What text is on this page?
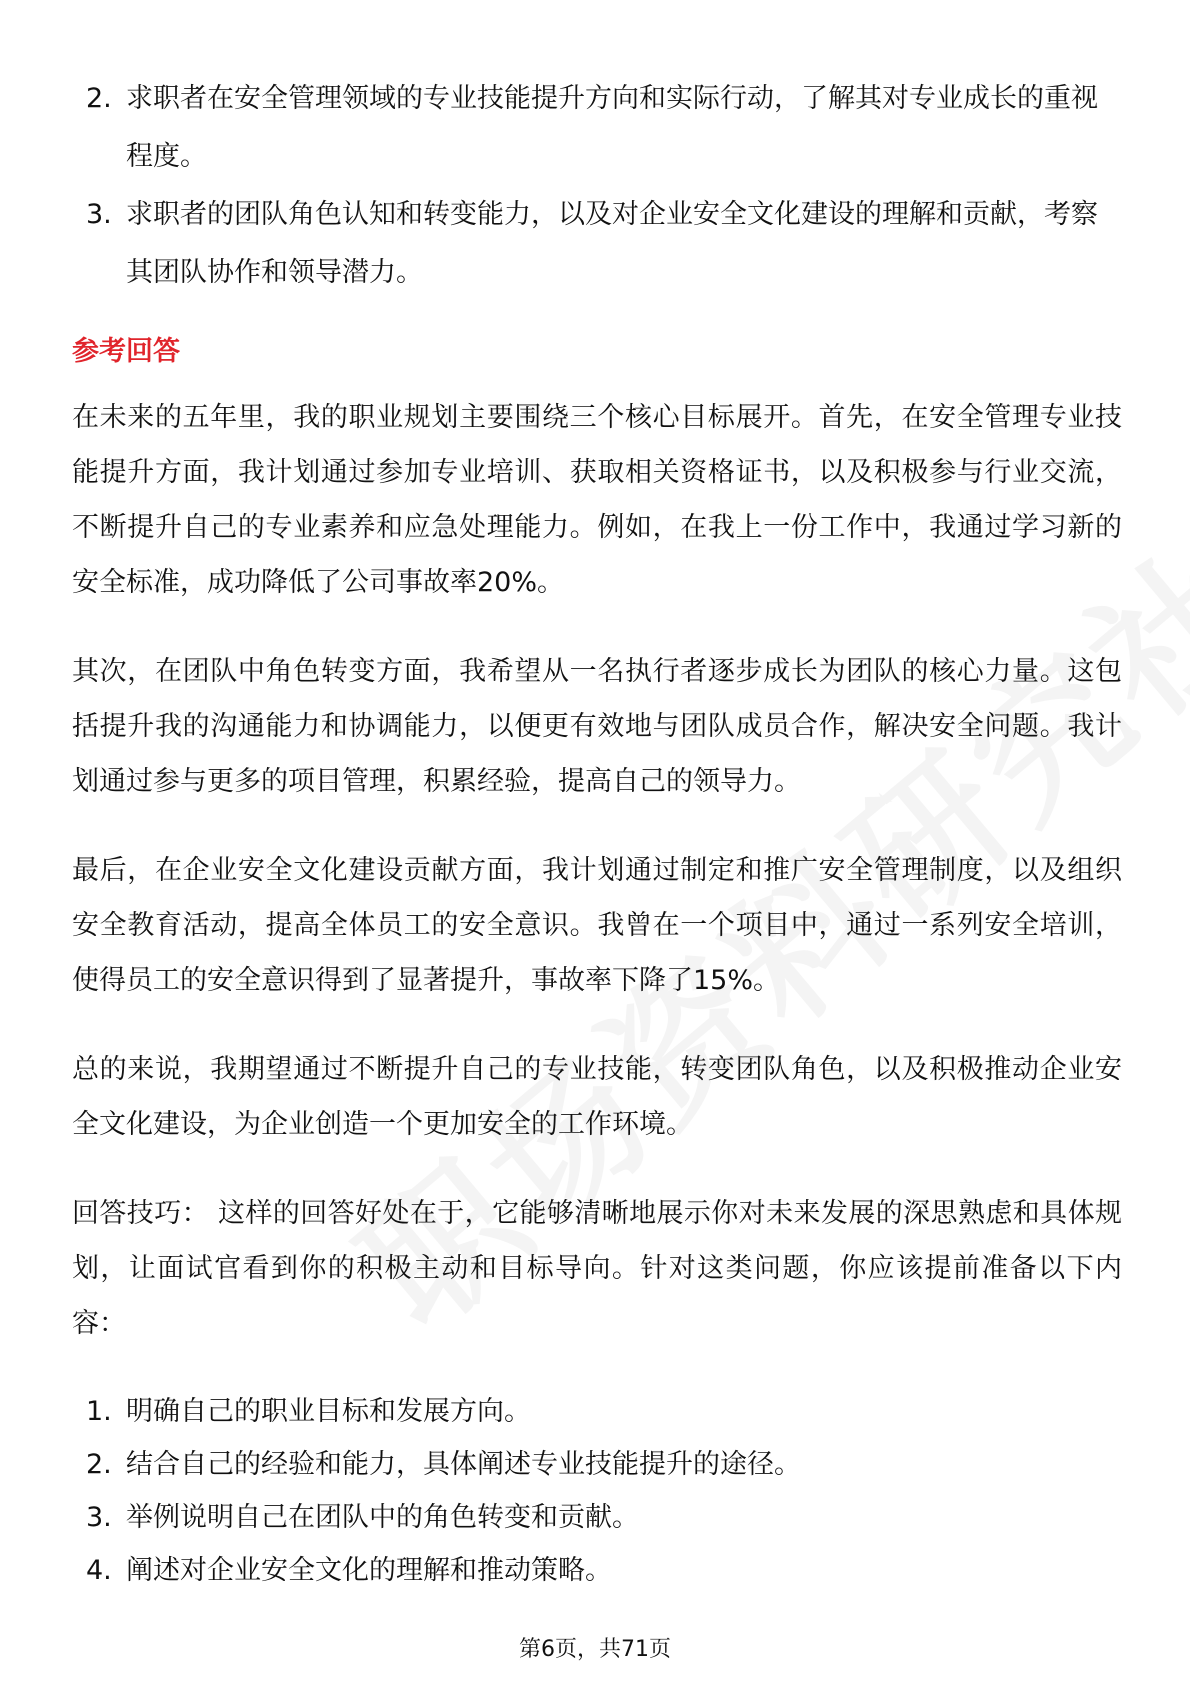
2. 求职者在安全管理领域的专业技能提升方向和实际行动，了解其对专业成长的重视程度。
3. 求职者的团队角色认知和转变能力，以及对企业安全文化建设的理解和贡献，考察其团队协作和领导潜力。
参考回答

在未来的五年里，我的职业规划主要围绕三个核心目标展开。首先，在安全管理专业技能提升方面，我计划通过参加专业培训、获取相关资格证书，以及积极参与行业交流，不断提升自己的专业素养和应急处理能力。例如，在我上一份工作中，我通过学习新的安全标准，成功降低了公司事故率20%。

其次，在团队中角色转变方面，我希望从一名执行者逐步成长为团队的核心力量。这包括提升我的沟通能力和协调能力，以便更有效地与团队成员合作，解决安全问题。我计划通过参与更多的项目管理，积累经验，提高自己的领导力。

最后，在企业安全文化建设贡献方面，我计划通过制定和推广安全管理制度，以及组织安全教育活动，提高全体员工的安全意识。我曾在一个项目中，通过一系列安全培训，使得员工的安全意识得到了显著提升，事故率下降了15%。

总的来说，我期望通过不断提升自己的专业技能，转变团队角色，以及积极推动企业安全文化建设，为企业创造一个更加安全的工作环境。

回答技巧： 这样的回答好处在于，它能够清晰地展示你对未来发展的深思熟虑和具体规划，让面试官看到你的积极主动和目标导向。针对这类问题，你应该提前准备以下内容：

1. 明确自己的职业目标和发展方向。
2. 结合自己的经验和能力，具体阐述专业技能提升的途径。
3. 举例说明自己在团队中的角色转变和贡献。
4. 阐述对企业安全文化的理解和推动策略。
第6页，共71页
